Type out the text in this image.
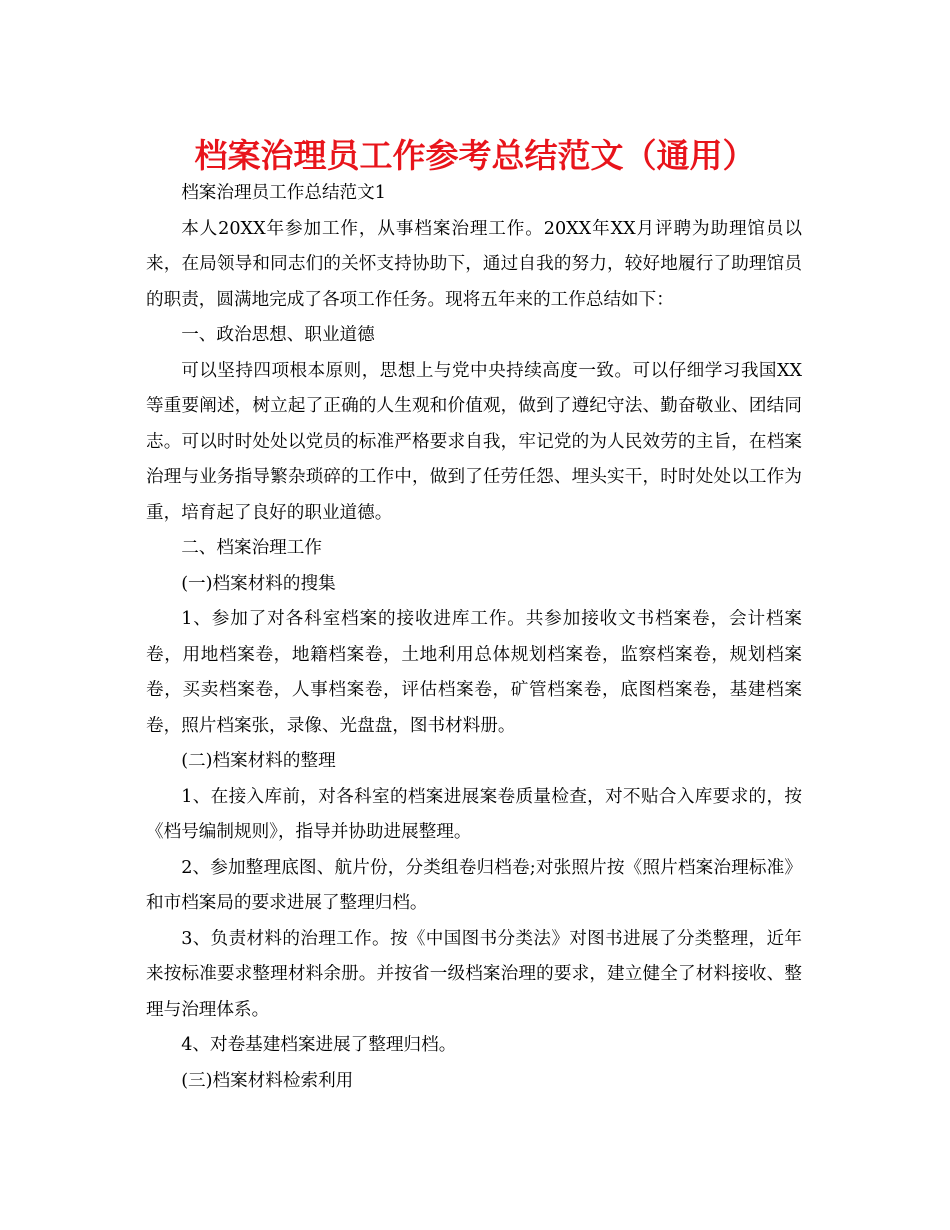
档案治理员工作参考总结范文（通用）

档案治理员工作总结范文1

本人20XX年参加工作，从事档案治理工作。20XX年XX月评聘为助理馆员以来，在局领导和同志们的关怀支持协助下，通过自我的努力，较好地履行了助理馆员的职责，圆满地完成了各项工作任务。现将五年来的工作总结如下：

一、政治思想、职业道德

可以坚持四项根本原则，思想上与党中央持续高度一致。可以仔细学习我国XX等重要阐述，树立起了正确的人生观和价值观，做到了遵纪守法、勤奋敬业、团结同志。可以时时处处以党员的标准严格要求自我，牢记党的为人民效劳的主旨，在档案治理与业务指导繁杂琐碎的工作中，做到了任劳任怨、埋头实干，时时处处以工作为重，培育起了良好的职业道德。

二、档案治理工作

(一)档案材料的搜集

1、参加了对各科室档案的接收进库工作。共参加接收文书档案卷，会计档案卷，用地档案卷，地籍档案卷，土地利用总体规划档案卷，监察档案卷，规划档案卷，买卖档案卷，人事档案卷，评估档案卷，矿管档案卷，底图档案卷，基建档案卷，照片档案张，录像、光盘盘，图书材料册。

(二)档案材料的整理

1、在接入库前，对各科室的档案进展案卷质量检查，对不贴合入库要求的，按《档号编制规则》，指导并协助进展整理。

2、参加整理底图、航片份，分类组卷归档卷;对张照片按《照片档案治理标准》和市档案局的要求进展了整理归档。

3、负责材料的治理工作。按《中国图书分类法》对图书进展了分类整理，近年来按标准要求整理材料余册。并按省一级档案治理的要求，建立健全了材料接收、整理与治理体系。

4、对卷基建档案进展了整理归档。

(三)档案材料检索利用
